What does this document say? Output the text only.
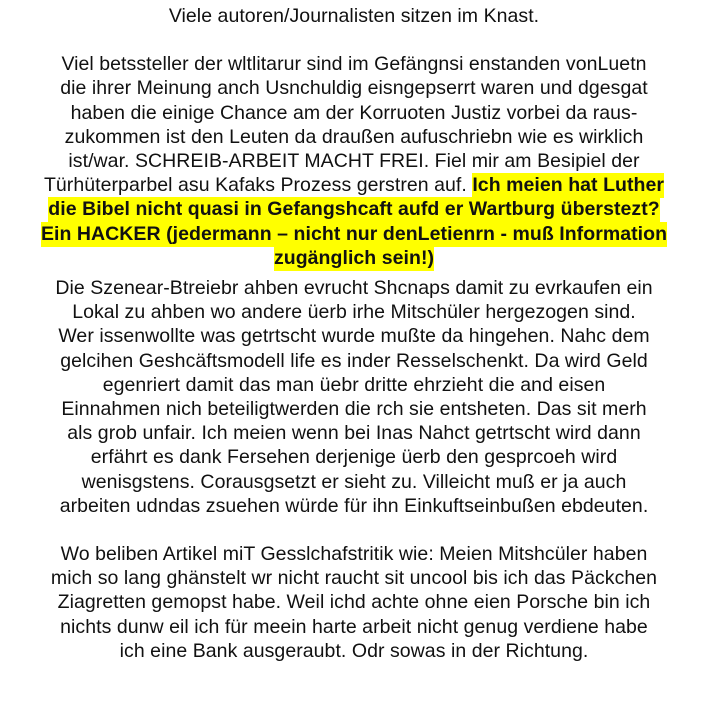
Viele autoren/Journalisten sitzen im Knast.

Viel betssteller der wltlitarur sind im Gefängnsi enstanden vonLuetn
die ihrer Meinung anch Usnchuldig eisngepserrt waren und dgesgat
haben die einige Chance am der Korruoten Justiz vorbei da raus-
zukommen ist den Leuten da draußen aufuschriebn wie es wirklich
ist/war. SCHREIB-ARBEIT MACHT FREI. Fiel mir am Besipiel der
Türhüterparbel asu Kafaks Prozess gerstren auf. Ich meien hat Luther
die Bibel nicht quasi in Gefangshcaft aufd er Wartburg überstezt?
Ein HACKER (jedermann – nicht nur denLetienrn - muß Information
zugänglich sein!)

Die Szenear-Btreiebr ahben evrucht Shcnaps damit zu evrkaufen ein
Lokal zu ahben wo andere üerb irhe Mitschüler hergezogen sind.
Wer issenwollte was getrtscht wurde mußte da hingehen. Nahc dem
gelcihen Geshcäftsmodell life es inder Resselschenkt. Da wird Geld
egenriert damit das man üebr dritte ehrzieht die and eisen
Einnahmen nich beteiligtwerden die rch sie entsheten. Das sit merh
als grob unfair. Ich meien wenn bei Inas Nahct getrtscht wird dann
erfährt es dank Fersehen derjenige üerb den gesprcoeh wird
wenisgstens. Corausgsetzt er sieht zu. Villeicht muß er ja auch
arbeiten udndas zsuehen würde für ihn Einkuftseinbußen ebdeuten.

Wo beliben Artikel miT Gesslchafstritik wie: Meien Mitshcüler haben
mich so lang ghänstelt wr nicht raucht sit uncool bis ich das Päckchen
Ziagretten gemopst habe. Weil ichd achte ohne eien Porsche bin ich
nichts dunw eil ich für meein harte arbeit nicht genug verdiene habe
ich eine Bank ausgeraubt. Odr sowas in der Richtung.
